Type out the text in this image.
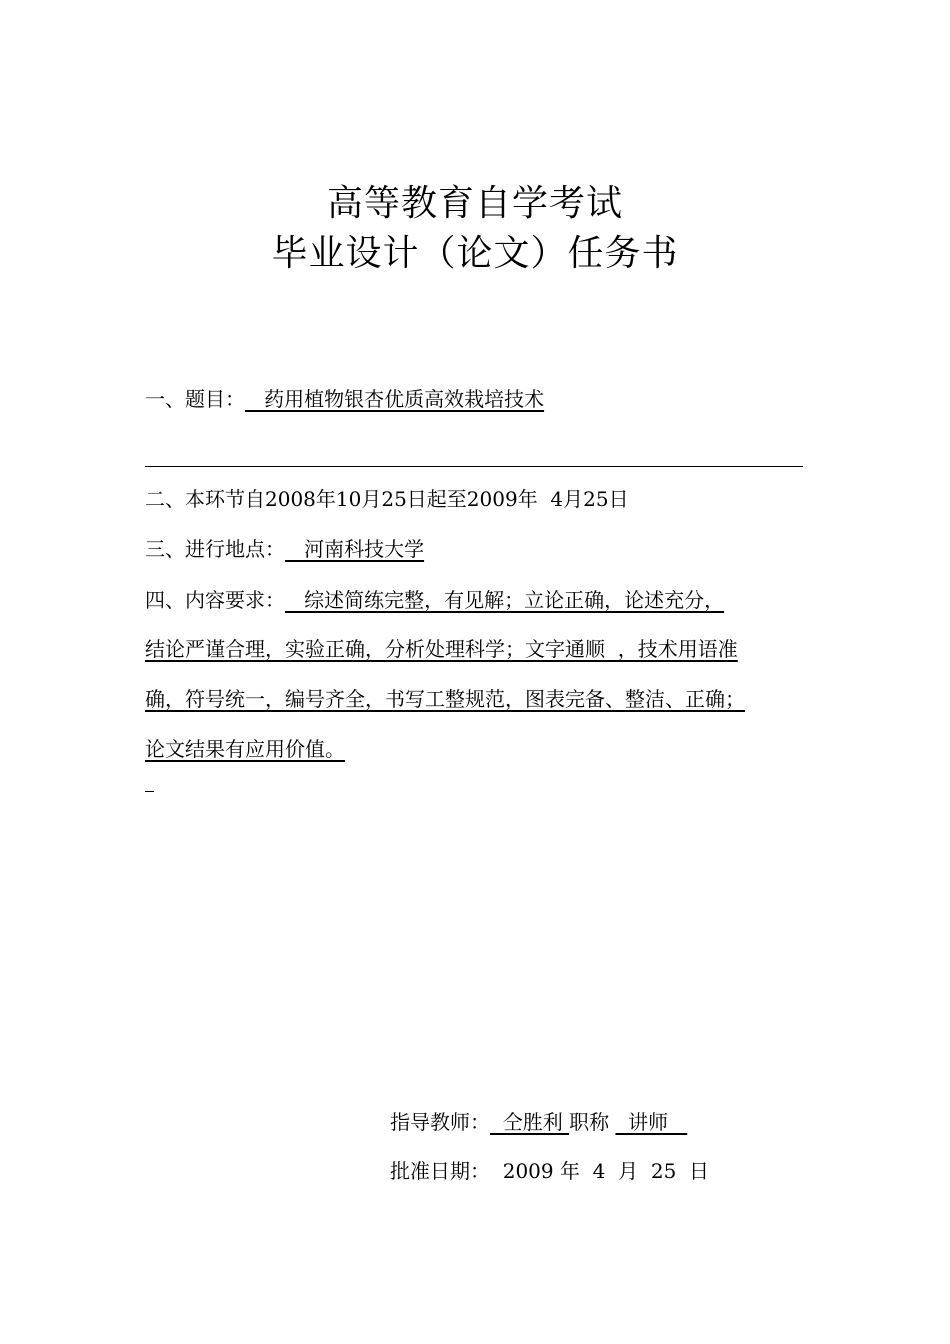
高等教育自学考试
毕业设计（论文）任务书
一、题目：   药用植物银杏优质高效栽培技术
二、本环节自2008年10月25日起至2009年  4月25日
三、进行地点：   河南科技大学
四、内容要求：   综述简练完整，有见解；立论正确，论述充分，
结论严谨合理，实验正确，分析处理科学；文字通顺  ，技术用语准
确，符号统一，编号齐全，书写工整规范，图表完备、整洁、正确；
论文结果有应用价值。
指导教师：  仝胜利 职称   讲师
批准日期：  2009 年  4  月  25  日
